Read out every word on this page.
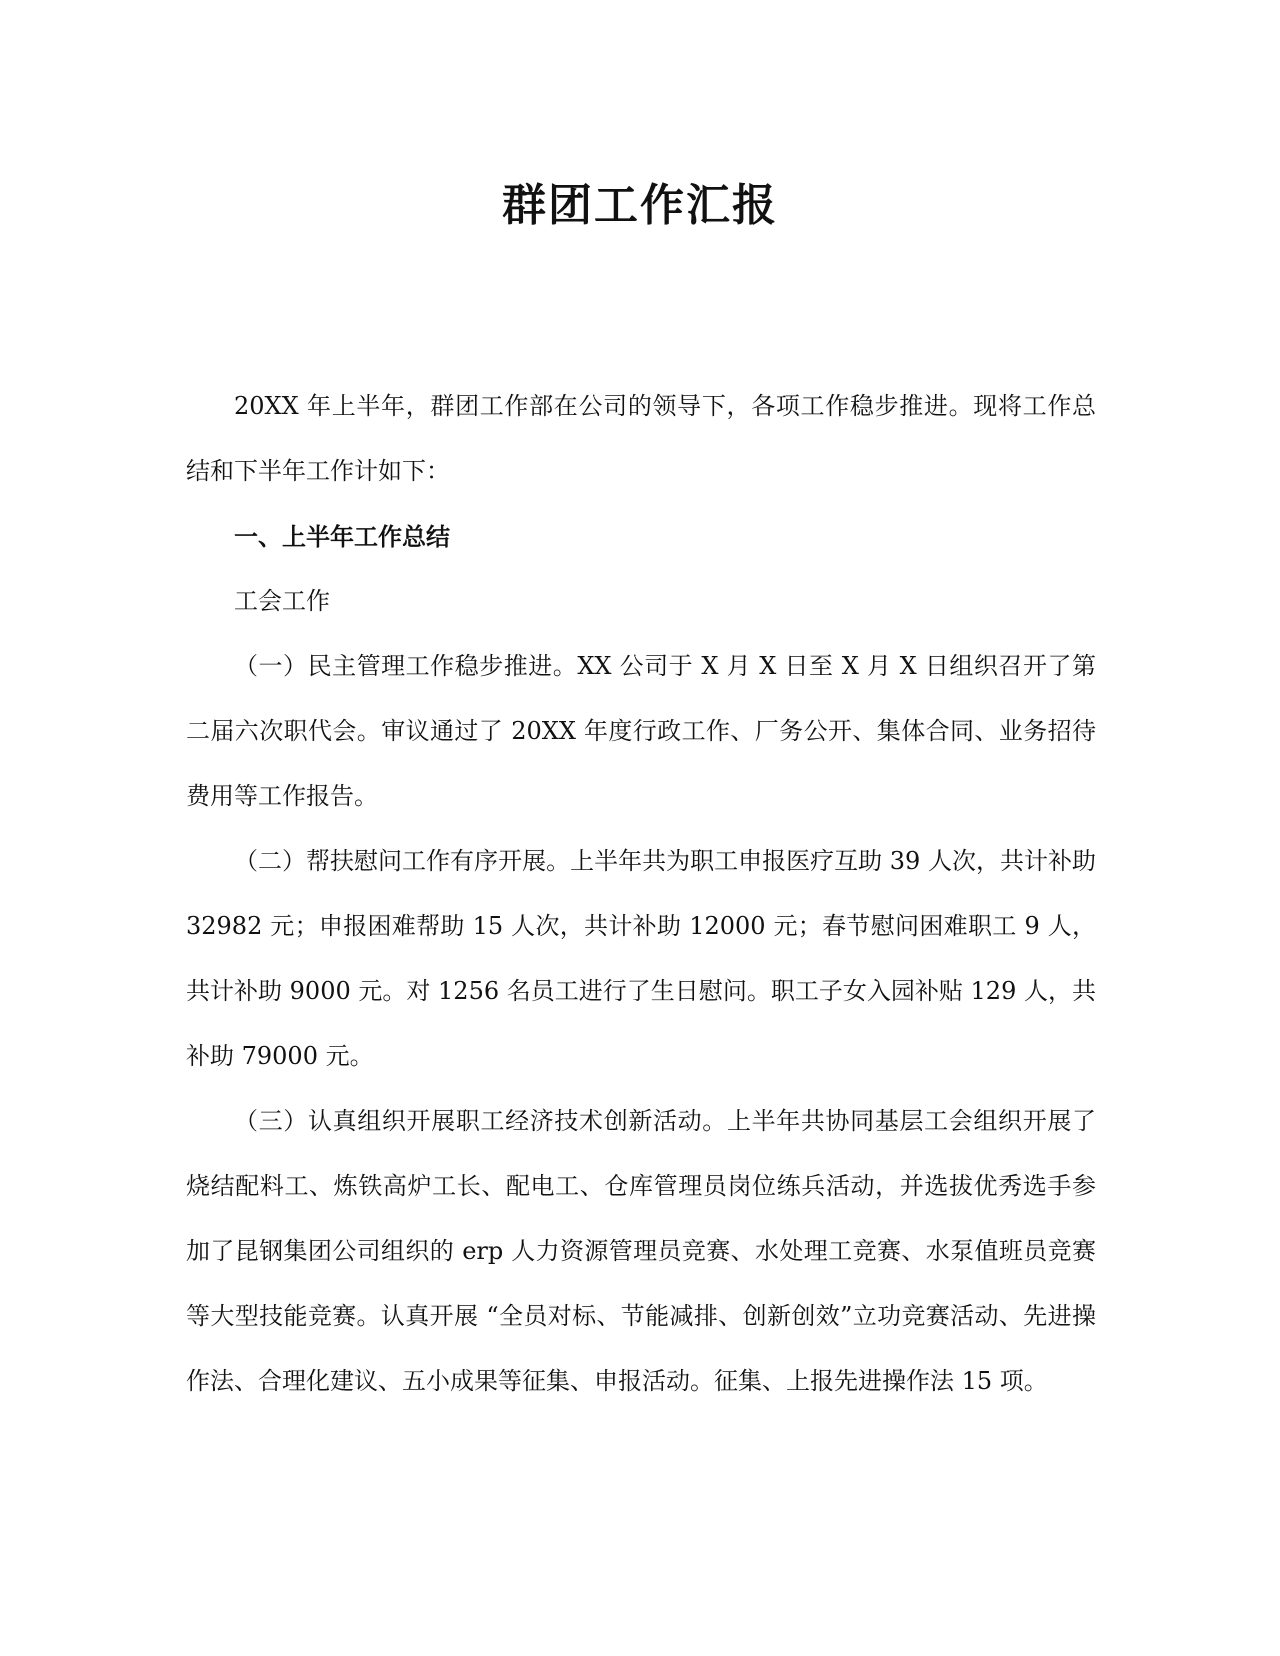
群团工作汇报

20XX 年上半年，群团工作部在公司的领导下，各项工作稳步推进。现将工作总结和下半年工作计如下：

一、上半年工作总结

工会工作

（一）民主管理工作稳步推进。XX 公司于 X 月 X 日至 X 月 X 日组织召开了第二届六次职代会。审议通过了 20XX 年度行政工作、厂务公开、集体合同、业务招待费用等工作报告。

（二）帮扶慰问工作有序开展。上半年共为职工申报医疗互助 39 人次，共计补助 32982 元；申报困难帮助 15 人次，共计补助 12000 元；春节慰问困难职工 9 人，共计补助 9000 元。对 1256 名员工进行了生日慰问。职工子女入园补贴 129 人，共补助 79000 元。

（三）认真组织开展职工经济技术创新活动。上半年共协同基层工会组织开展了烧结配料工、炼铁高炉工长、配电工、仓库管理员岗位练兵活动，并选拔优秀选手参加了昆钢集团公司组织的 erp 人力资源管理员竞赛、水处理工竞赛、水泵值班员竞赛等大型技能竞赛。认真开展 “全员对标、节能减排、创新创效”立功竞赛活动、先进操作法、合理化建议、五小成果等征集、申报活动。征集、上报先进操作法 15 项。
